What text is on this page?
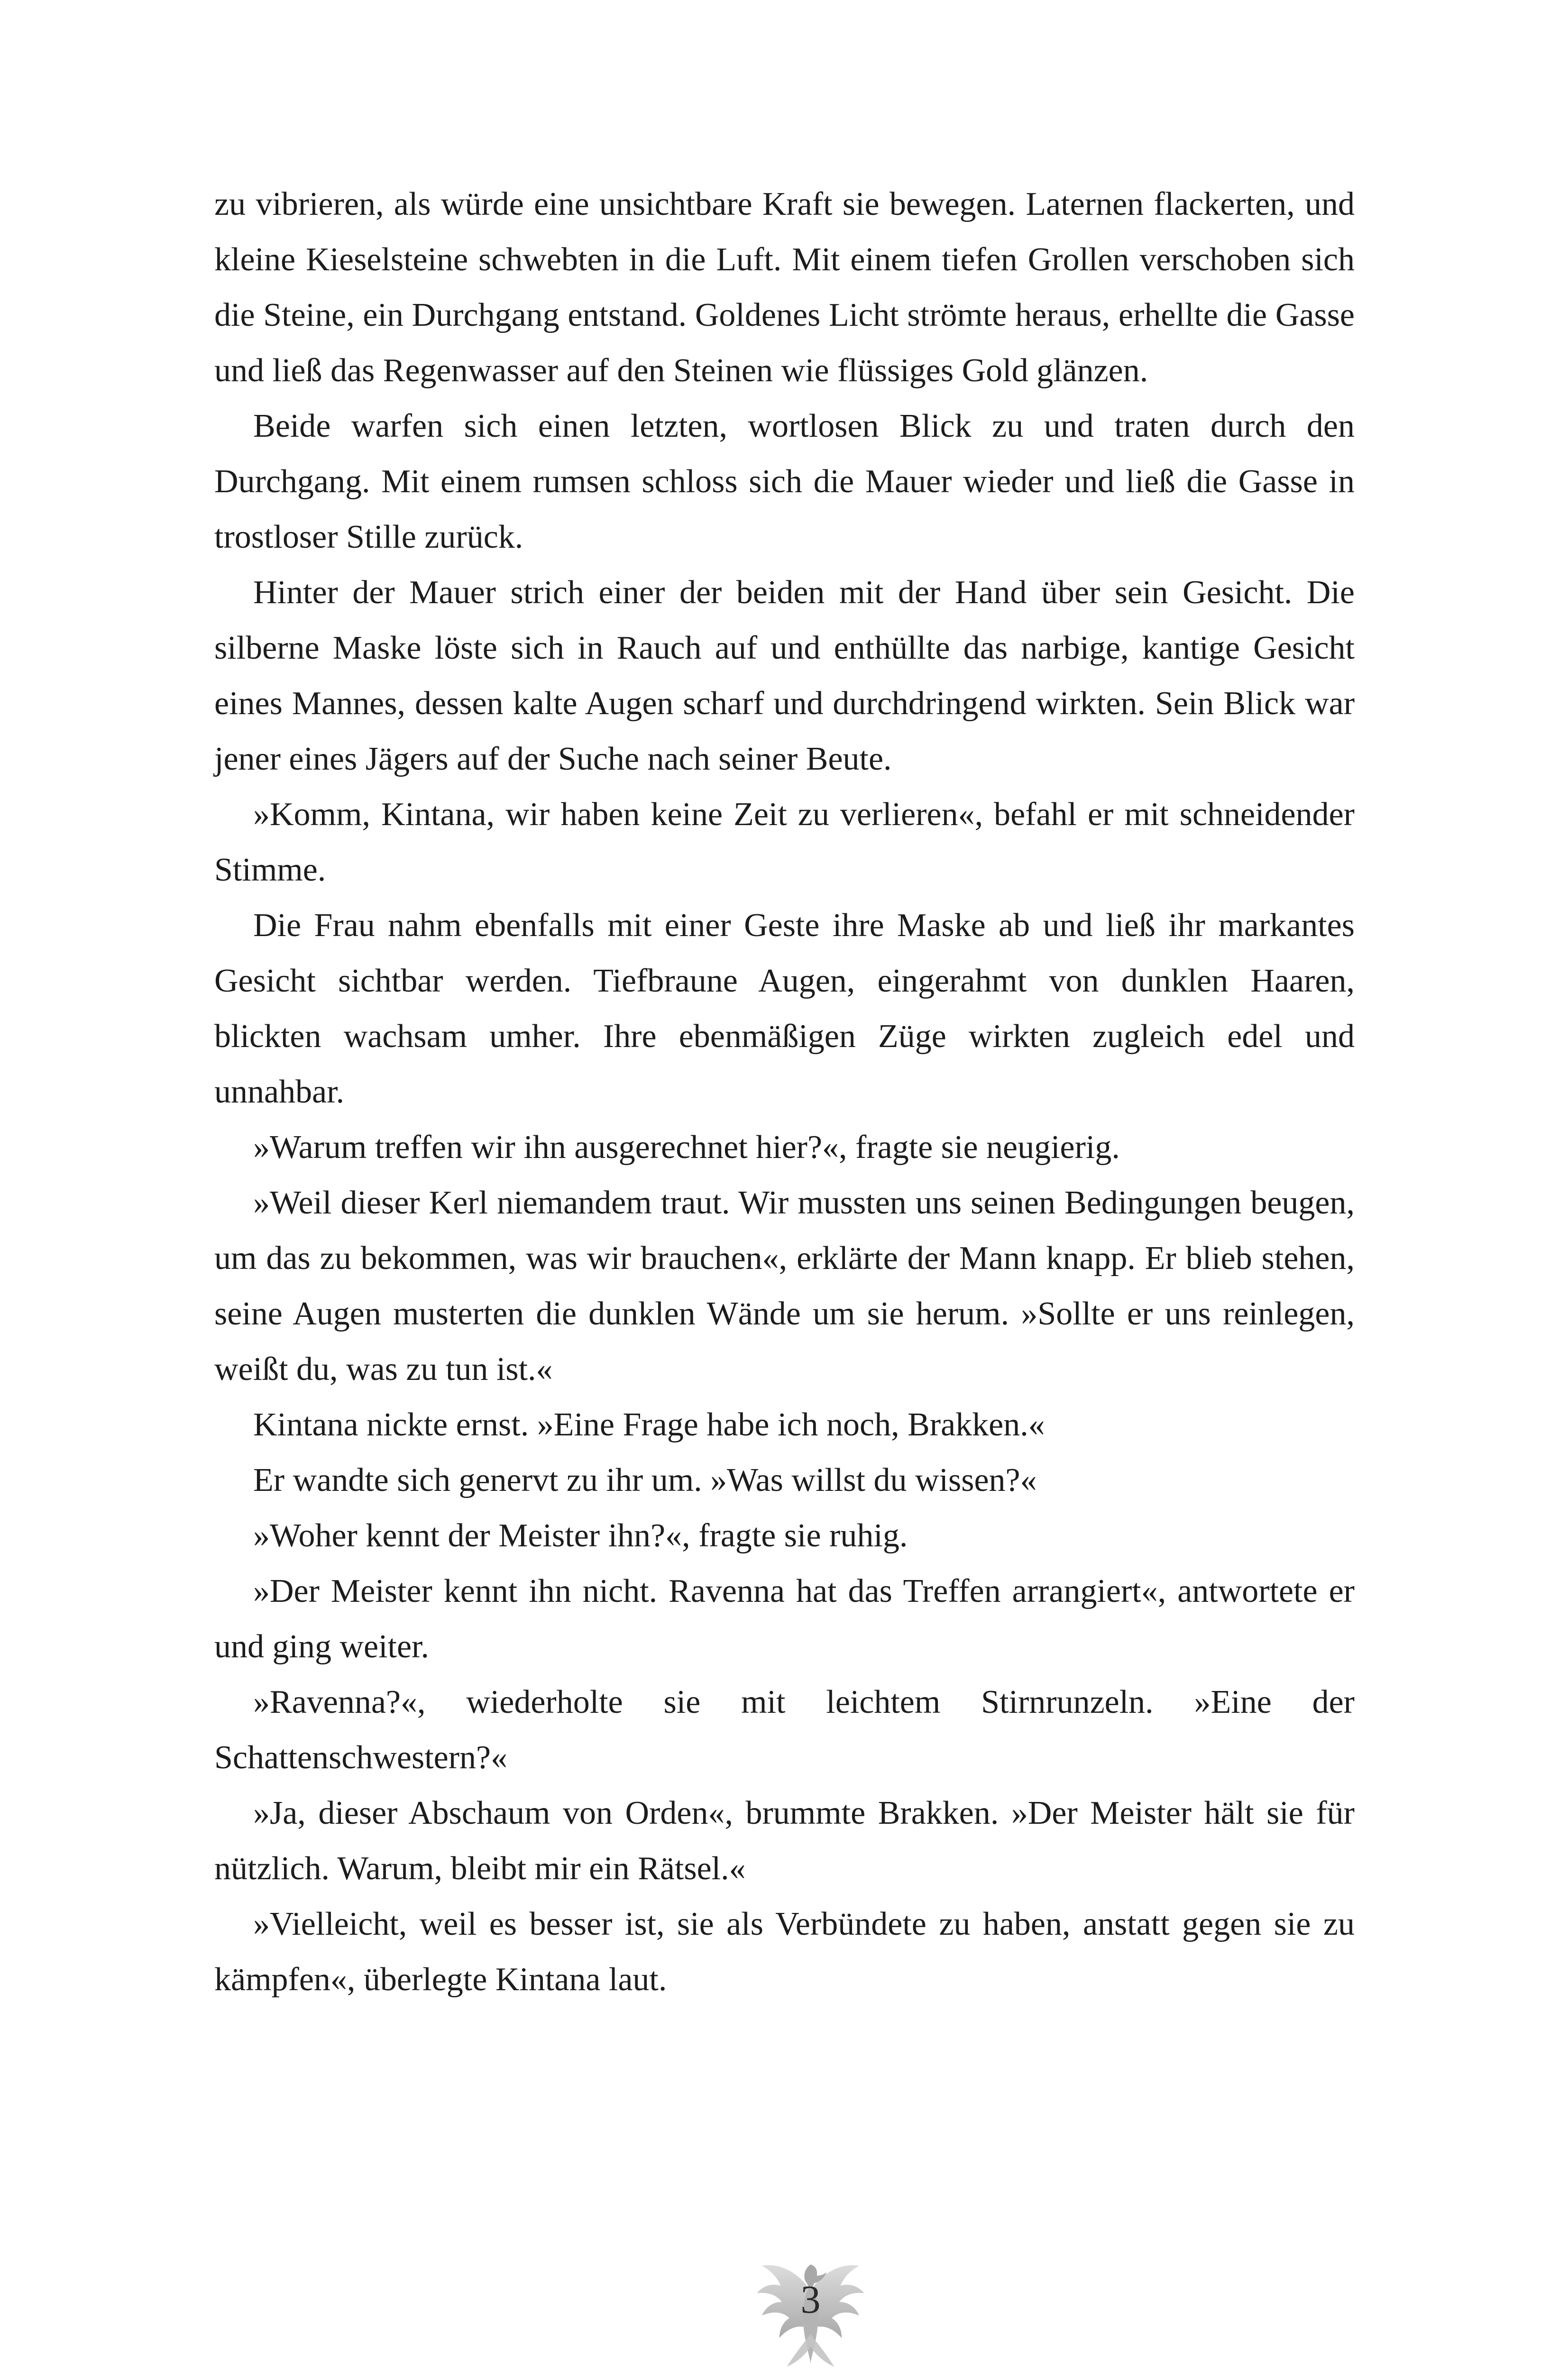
zu vibrieren, als würde eine unsichtbare Kraft sie bewegen. Laternen flackerten, und kleine Kieselsteine schwebten in die Luft. Mit einem tiefen Grollen verschoben sich die Steine, ein Durchgang entstand. Goldenes Licht strömte heraus, erhellte die Gasse und ließ das Regenwasser auf den Steinen wie flüssiges Gold glänzen.

Beide warfen sich einen letzten, wortlosen Blick zu und traten durch den Durchgang. Mit einem rumsen schloss sich die Mauer wieder und ließ die Gasse in trostloser Stille zurück.

Hinter der Mauer strich einer der beiden mit der Hand über sein Gesicht. Die silberne Maske löste sich in Rauch auf und enthüllte das narbige, kantige Gesicht eines Mannes, dessen kalte Augen scharf und durchdringend wirkten. Sein Blick war jener eines Jägers auf der Suche nach seiner Beute.

»Komm, Kintana, wir haben keine Zeit zu verlieren«, befahl er mit schneidender Stimme.

Die Frau nahm ebenfalls mit einer Geste ihre Maske ab und ließ ihr markantes Gesicht sichtbar werden. Tiefbraune Augen, eingerahmt von dunklen Haaren, blickten wachsam umher. Ihre ebenmäßigen Züge wirkten zugleich edel und unnahbar.

»Warum treffen wir ihn ausgerechnet hier?«, fragte sie neugierig.

»Weil dieser Kerl niemandem traut. Wir mussten uns seinen Bedingungen beugen, um das zu bekommen, was wir brauchen«, erklärte der Mann knapp. Er blieb stehen, seine Augen musterten die dunklen Wände um sie herum. »Sollte er uns reinlegen, weißt du, was zu tun ist.«

Kintana nickte ernst. »Eine Frage habe ich noch, Brakken.«

Er wandte sich genervt zu ihr um. »Was willst du wissen?«

»Woher kennt der Meister ihn?«, fragte sie ruhig.

»Der Meister kennt ihn nicht. Ravenna hat das Treffen arrangiert«, antwortete er und ging weiter.

»Ravenna?«, wiederholte sie mit leichtem Stirnrunzeln. »Eine der Schattenschwestern?«

»Ja, dieser Abschaum von Orden«, brummte Brakken. »Der Meister hält sie für nützlich. Warum, bleibt mir ein Rätsel.«

»Vielleicht, weil es besser ist, sie als Verbündete zu haben, anstatt gegen sie zu kämpfen«, überlegte Kintana laut.

3
